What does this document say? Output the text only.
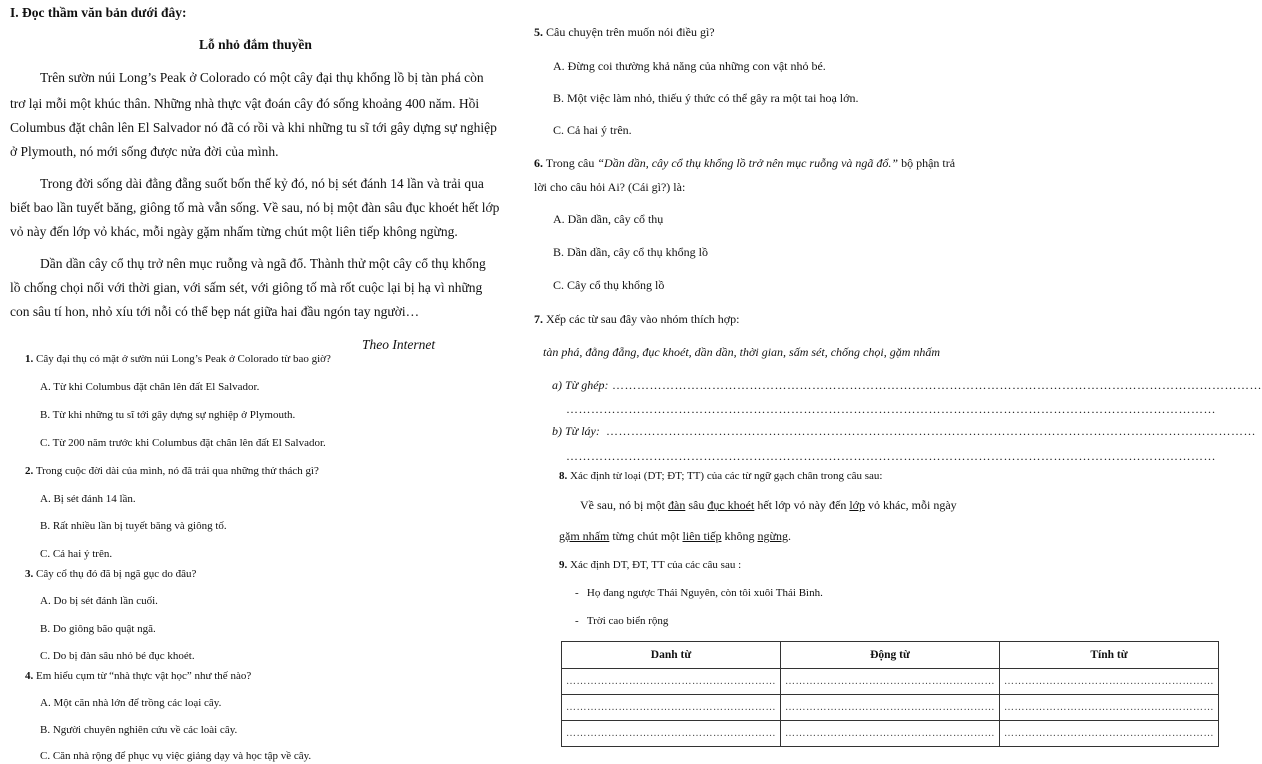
I. Đọc thầm văn bản dưới đây:
Lỗ nhỏ đắm thuyền
Trên sườn núi Long’s Peak ở Colorado có một cây đại thụ khổng lồ bị tàn phá còn
trơ lại mỗi một khúc thân. Những nhà thực vật đoán cây đó sống khoảng 400 năm. Hồi
Columbus đặt chân lên El Salvador nó đã có rồi và khi những tu sĩ tới gây dựng sự nghiệp
ở Plymouth, nó mới sống được nửa đời của mình.
Trong đời sống dài đằng đẵng suốt bốn thế kỷ đó, nó bị sét đánh 14 lần và trải qua
biết bao lần tuyết băng, giông tố mà vẫn sống. Về sau, nó bị một đàn sâu đục khoét hết lớp
vỏ này đến lớp vỏ khác, mỗi ngày gặm nhấm từng chút một liên tiếp không ngừng.
Dần dần cây cổ thụ trở nên mục ruỗng và ngã đổ. Thành thử một cây cổ thụ khổng
lồ chống chọi nổi với thời gian, với sấm sét, với giông tố mà rốt cuộc lại bị hạ vì những
con sâu tí hon, nhỏ xíu tới nỗi có thể bẹp nát giữa hai đầu ngón tay người…
Theo Internet
1. Cây đại thụ có mặt ở sườn núi Long’s Peak ở Colorado từ bao giờ?
A. Từ khi Columbus đặt chân lên đất El Salvador.
B. Từ khi những tu sĩ tới gây dựng sự nghiệp ở Plymouth.
C. Từ 200 năm trước khi Columbus đặt chân lên đất El Salvador.
2. Trong cuộc đời dài của mình, nó đã trải qua những thử thách gì?
A. Bị sét đánh 14 lần.
B. Rất nhiều lần bị tuyết băng và giông tố.
C. Cả hai ý trên.
3. Cây cổ thụ đó đã bị ngã gục do đâu?
A. Do bị sét đánh lần cuối.
B. Do giông bão quật ngã.
C. Do bị đàn sâu nhỏ bé đục khoét.
4. Em hiểu cụm từ “nhà thực vật học” như thế nào?
A. Một căn nhà lớn để trồng các loại cây.
B. Người chuyên nghiên cứu về các loài cây.
C. Căn nhà rộng để phục vụ việc giảng dạy và học tập về cây.
5. Câu chuyện trên muốn nói điều gì?
A. Đừng coi thường khả năng của những con vật nhỏ bé.
B. Một việc làm nhỏ, thiếu ý thức có thể gây ra một tai hoạ lớn.
C. Cả hai ý trên.
6. Trong câu “Dần dần, cây cổ thụ khổng lồ trở nên mục ruỗng và ngã đổ.” bộ phận trả
lời cho câu hỏi Ai? (Cái gì?) là:
A. Dần dần, cây cổ thụ
B. Dần dần, cây cổ thụ khổng lồ
C. Cây cổ thụ khổng lồ
7. Xếp các từ sau đây vào nhóm thích hợp:
tàn phá, đằng đẵng, đục khoét, dần dần, thời gian, sấm sét, chống chọi, gặm nhấm
a) Từ ghép: …………………………………………………………………………………………………………………………………………
…………………………………………………………………………………………………………………………………………
b) Từ láy: …………………………………………………………………………………………………………………………………………
…………………………………………………………………………………………………………………………………………
8. Xác định từ loại (DT; ĐT; TT) của các từ ngữ gạch chân trong câu sau:
Về sau, nó bị một đàn sâu đục khoét hết lớp vỏ này đến lớp vỏ khác, mỗi ngày
gặm nhấm từng chút một liên tiếp không ngừng.
9. Xác định DT, ĐT, TT của các câu sau :
- Họ đang ngược Thái Nguyên, còn tôi xuôi Thái Bình.
- Trời cao biển rộng
Danh từ	Động từ	Tính từ

……………………………………………………	……………………………………………………	……………………………………………………

……………………………………………………	……………………………………………………	……………………………………………………

……………………………………………………	……………………………………………………	……………………………………………………
